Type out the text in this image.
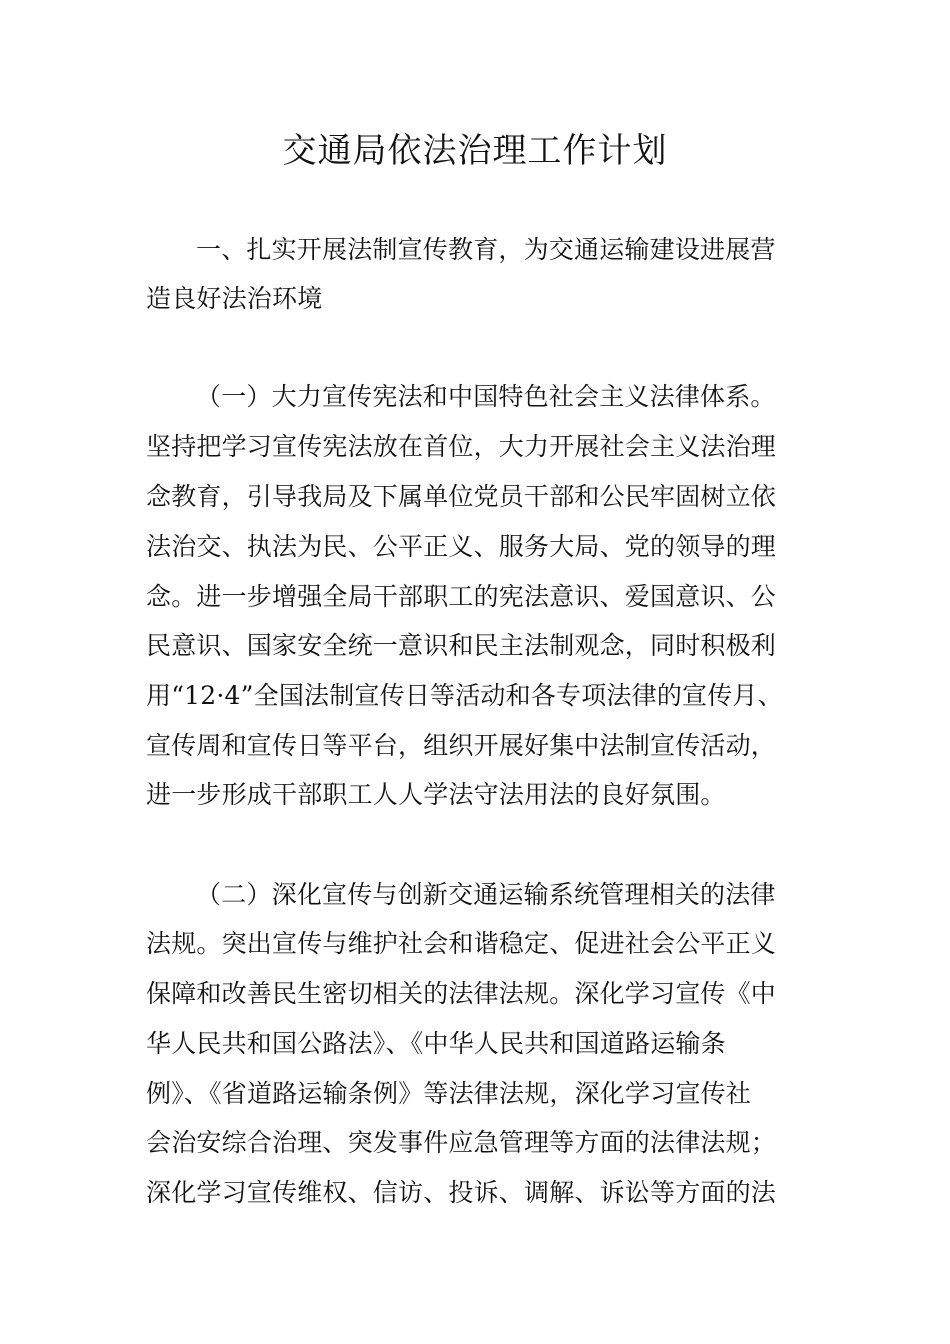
交通局依法治理工作计划

一、扎实开展法制宣传教育，为交通运输建设进展营

造良好法治环境

（一）大力宣传宪法和中国特色社会主义法律体系。

坚持把学习宣传宪法放在首位，大力开展社会主义法治理

念教育，引导我局及下属单位党员干部和公民牢固树立依

法治交、执法为民、公平正义、服务大局、党的领导的理

念。进一步增强全局干部职工的宪法意识、爱国意识、公

民意识、国家安全统一意识和民主法制观念，同时积极利

用“12·4”全国法制宣传日等活动和各专项法律的宣传月、

宣传周和宣传日等平台，组织开展好集中法制宣传活动，

进一步形成干部职工人人学法守法用法的良好氛围。

（二）深化宣传与创新交通运输系统管理相关的法律

法规。突出宣传与维护社会和谐稳定、促进社会公平正义

保障和改善民生密切相关的法律法规。深化学习宣传《中

华人民共和国公路法》、《中华人民共和国道路运输条

例》、《省道路运输条例》等法律法规，深化学习宣传社

会治安综合治理、突发事件应急管理等方面的法律法规；

深化学习宣传维权、信访、投诉、调解、诉讼等方面的法
